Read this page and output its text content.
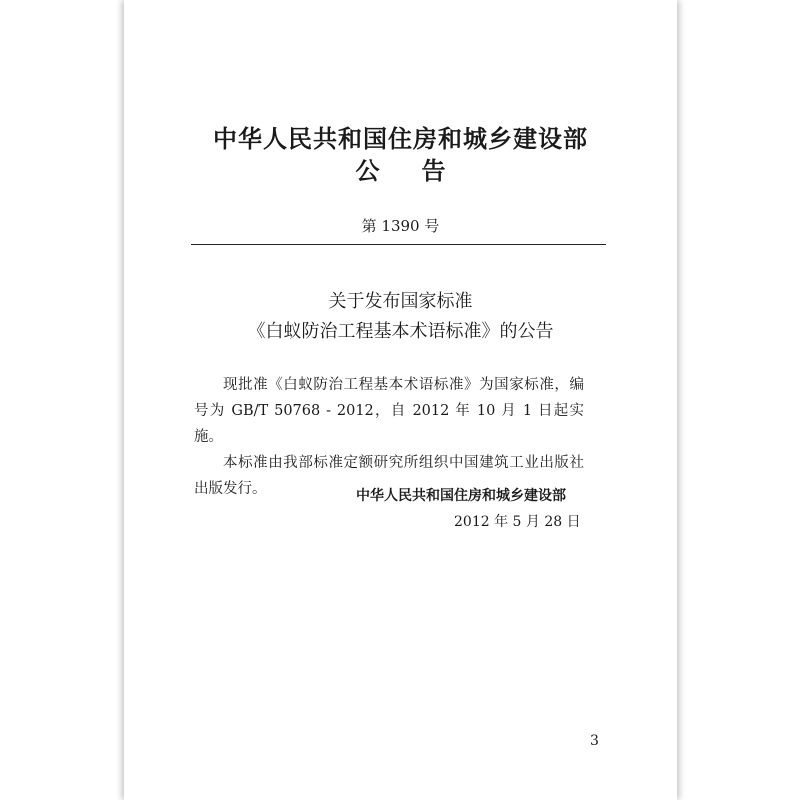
中华人民共和国住房和城乡建设部
公告
第 1390 号
关于发布国家标准
《白蚁防治工程基本术语标准》的公告

现批准《白蚁防治工程基本术语标准》为国家标准，编号为 GB/T 50768 - 2012，自 2012 年 10 月 1 日起实施。

本标准由我部标准定额研究所组织中国建筑工业出版社出版发行。	中华人民共和国住房和城乡建设部
2012 年 5 月 28 日
3
